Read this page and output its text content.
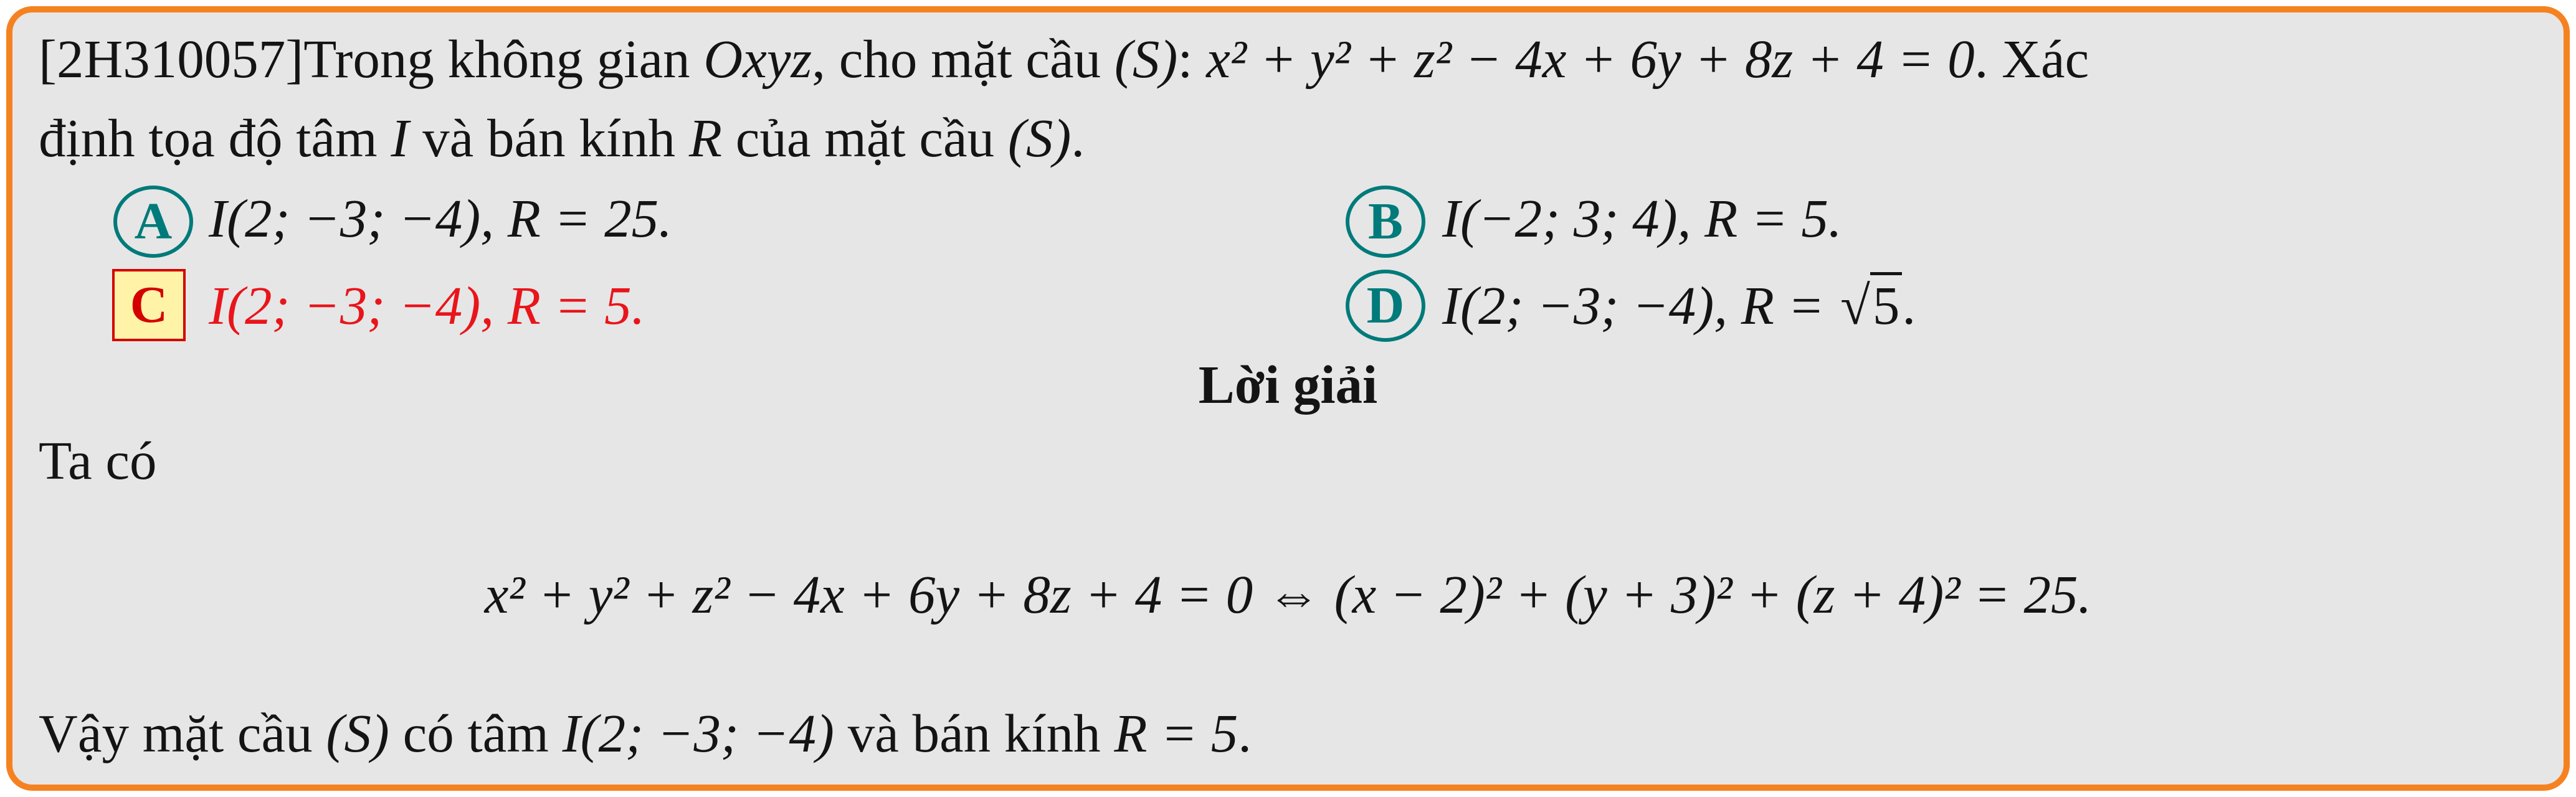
[2H310057]Trong không gian Oxyz, cho mặt cầu (S): x² + y² + z² − 4x + 6y + 8z + 4 = 0. Xác
định tọa độ tâm I và bán kính R của mặt cầu (S).
A I(2; −3; −4), R = 25.	B I(−2; 3; 4), R = 5.
C I(2; −3; −4), R = 5.	D I(2; −3; −4), R = √5.
Lời giải
Ta có
x² + y² + z² − 4x + 6y + 8z + 4 = 0 ⇔ (x − 2)² + (y + 3)² + (z + 4)² = 25.
Vậy mặt cầu (S) có tâm I(2; −3; −4) và bán kính R = 5.
